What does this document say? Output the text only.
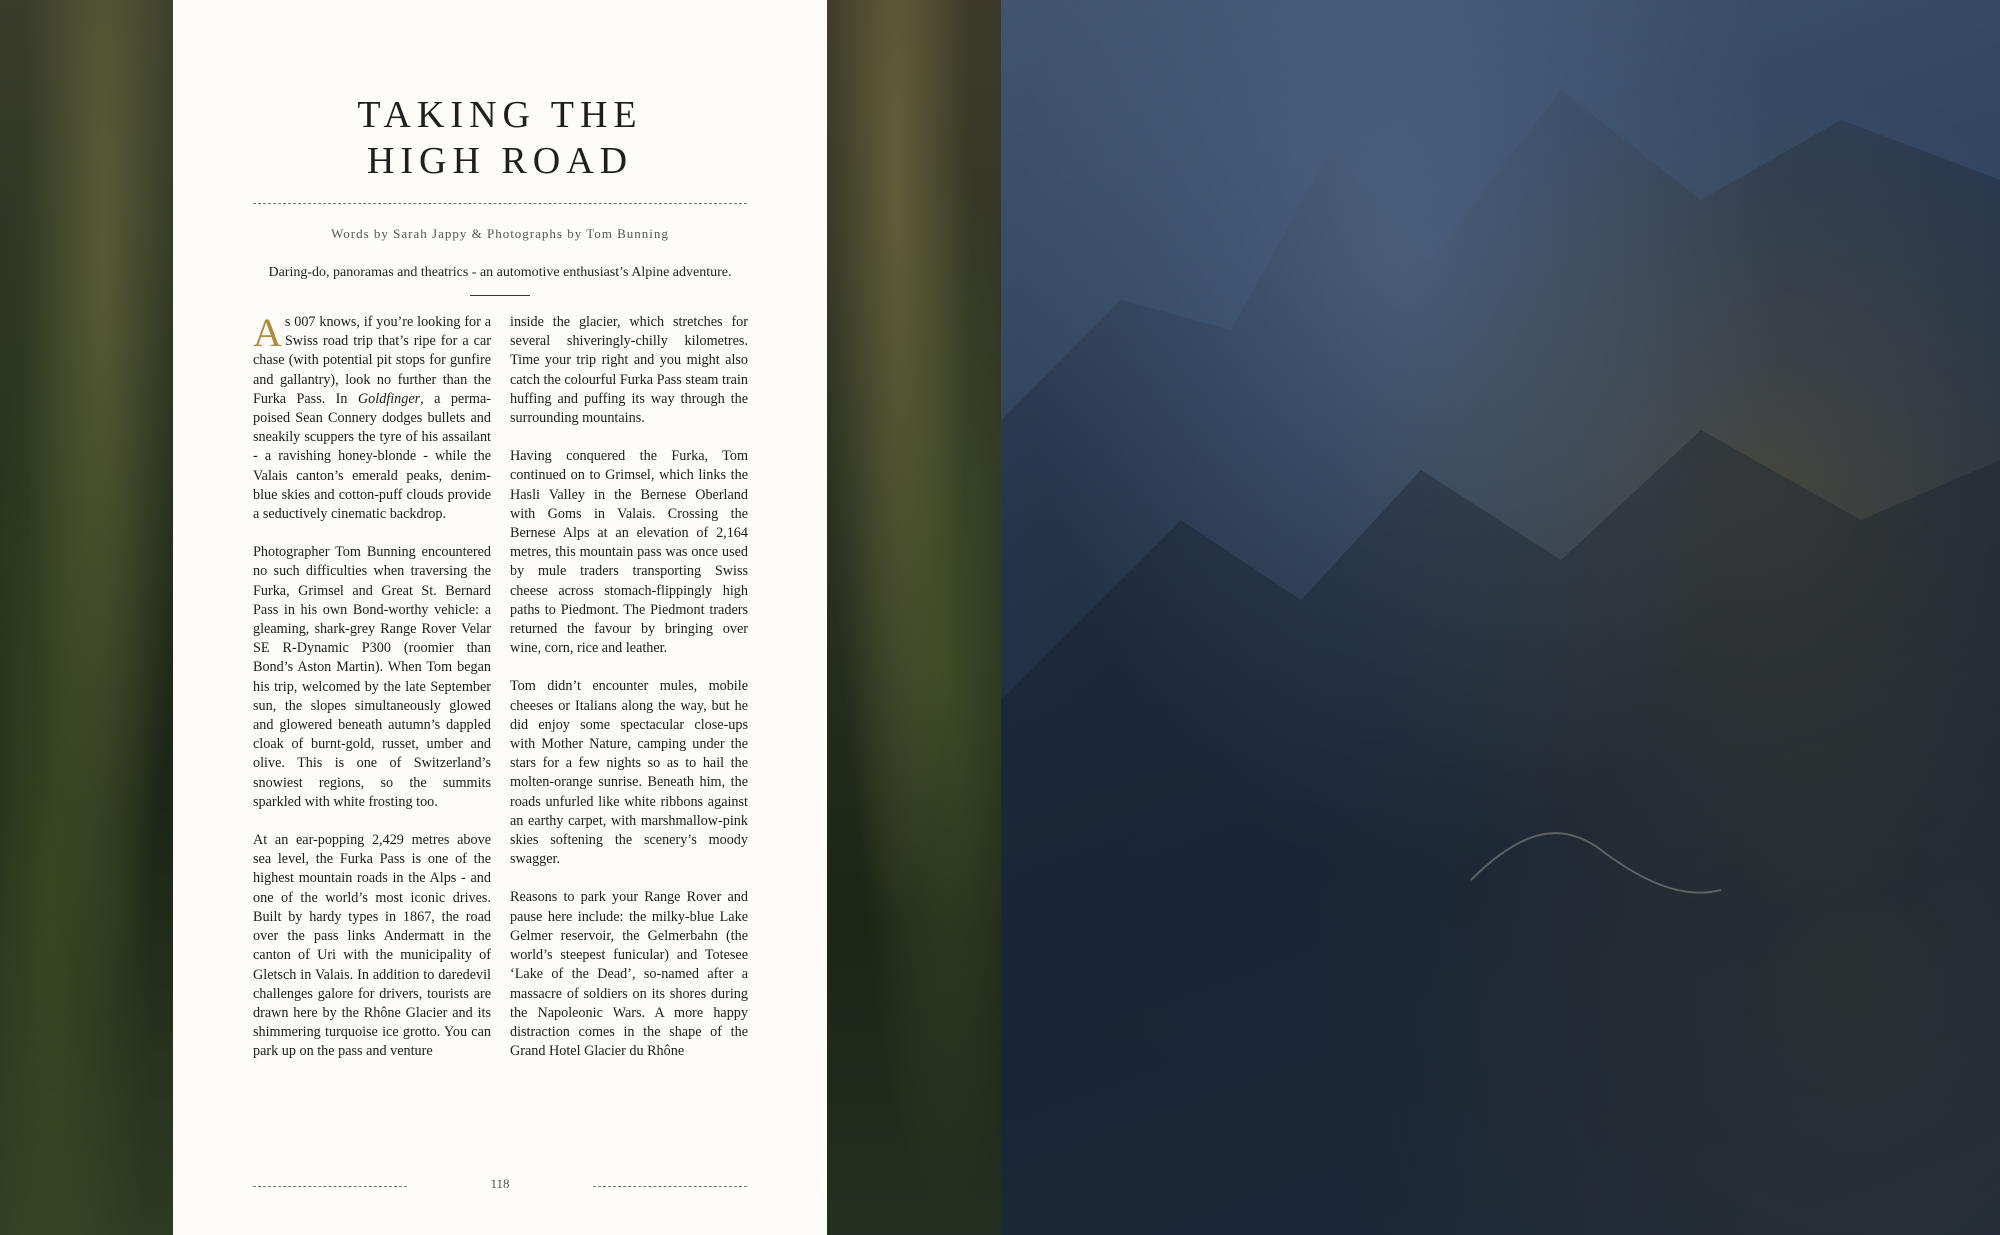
TAKING THE
HIGH ROAD
Words by Sarah Jappy & Photographs by Tom Bunning
Daring-do, panoramas and theatrics - an automotive enthusiast’s Alpine adventure.

As 007 knows, if you’re looking for a Swiss road trip that’s ripe for a car chase (with potential pit stops for gunfire and gallantry), look no further than the Furka Pass. In Goldfinger, a perma-poised Sean Connery dodges bullets and sneakily scuppers the tyre of his assailant - a ravishing honey-blonde - while the Valais canton’s emerald peaks, denim-blue skies and cotton-puff clouds provide a seductively cinematic backdrop.

Photographer Tom Bunning encountered no such difficulties when traversing the Furka, Grimsel and Great St. Bernard Pass in his own Bond-worthy vehicle: a gleaming, shark-grey Range Rover Velar SE R-Dynamic P300 (roomier than Bond’s Aston Martin). When Tom began his trip, welcomed by the late September sun, the slopes simultaneously glowed and glowered beneath autumn’s dappled cloak of burnt-gold, russet, umber and olive. This is one of Switzerland’s snowiest regions, so the summits sparkled with white frosting too.

At an ear-popping 2,429 metres above sea level, the Furka Pass is one of the highest mountain roads in the Alps - and one of the world’s most iconic drives. Built by hardy types in 1867, the road over the pass links Andermatt in the canton of Uri with the municipality of Gletsch in Valais. In addition to daredevil challenges galore for drivers, tourists are drawn here by the Rhône Glacier and its shimmering turquoise ice grotto. You can park up on the pass and venture

inside the glacier, which stretches for several shiveringly-chilly kilometres. Time your trip right and you might also catch the colourful Furka Pass steam train huffing and puffing its way through the surrounding mountains.

Having conquered the Furka, Tom continued on to Grimsel, which links the Hasli Valley in the Bernese Oberland with Goms in Valais. Crossing the Bernese Alps at an elevation of 2,164 metres, this mountain pass was once used by mule traders transporting Swiss cheese across stomach-flippingly high paths to Piedmont. The Piedmont traders returned the favour by bringing over wine, corn, rice and leather.

Tom didn’t encounter mules, mobile cheeses or Italians along the way, but he did enjoy some spectacular close-ups with Mother Nature, camping under the stars for a few nights so as to hail the molten-orange sunrise. Beneath him, the roads unfurled like white ribbons against an earthy carpet, with marshmallow-pink skies softening the scenery’s moody swagger.

Reasons to park your Range Rover and pause here include: the milky-blue Lake Gelmer reservoir, the Gelmerbahn (the world’s steepest funicular) and Totesee ‘Lake of the Dead’, so-named after a massacre of soldiers on its shores during the Napoleonic Wars. A more happy distraction comes in the shape of the Grand Hotel Glacier du Rhône

118
